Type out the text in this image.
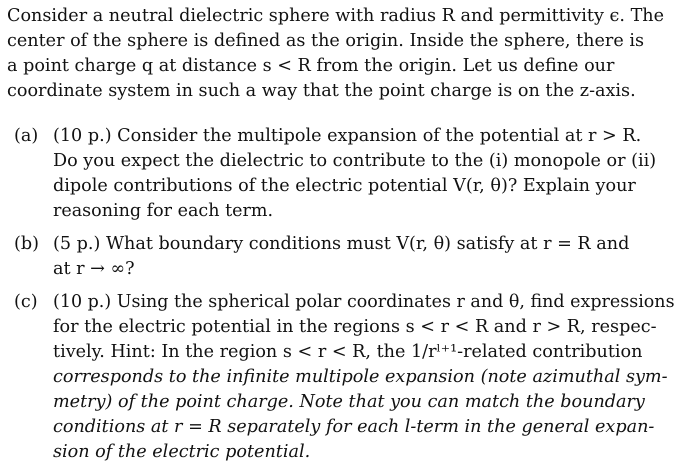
Consider a neutral dielectric sphere with radius R and permittivity ϵ. The
center of the sphere is defined as the origin. Inside the sphere, there is
a point charge q at distance s < R from the origin. Let us define our
coordinate system in such a way that the point charge is on the z-axis.
(a) (10 p.) Consider the multipole expansion of the potential at r > R.
Do you expect the dielectric to contribute to the (i) monopole or (ii)
dipole contributions of the electric potential V(r, θ)? Explain your
reasoning for each term.
(b) (5 p.) What boundary conditions must V(r, θ) satisfy at r = R and
at r → ∞?
(c) (10 p.) Using the spherical polar coordinates r and θ, find expressions
for the electric potential in the regions s < r < R and r > R, respec-
tively. Hint: In the region s < r < R, the 1/rˡ⁺¹-related contribution
corresponds to the infinite multipole expansion (note azimuthal sym-
metry) of the point charge. Note that you can match the boundary
conditions at r = R separately for each l-term in the general expan-
sion of the electric potential.
